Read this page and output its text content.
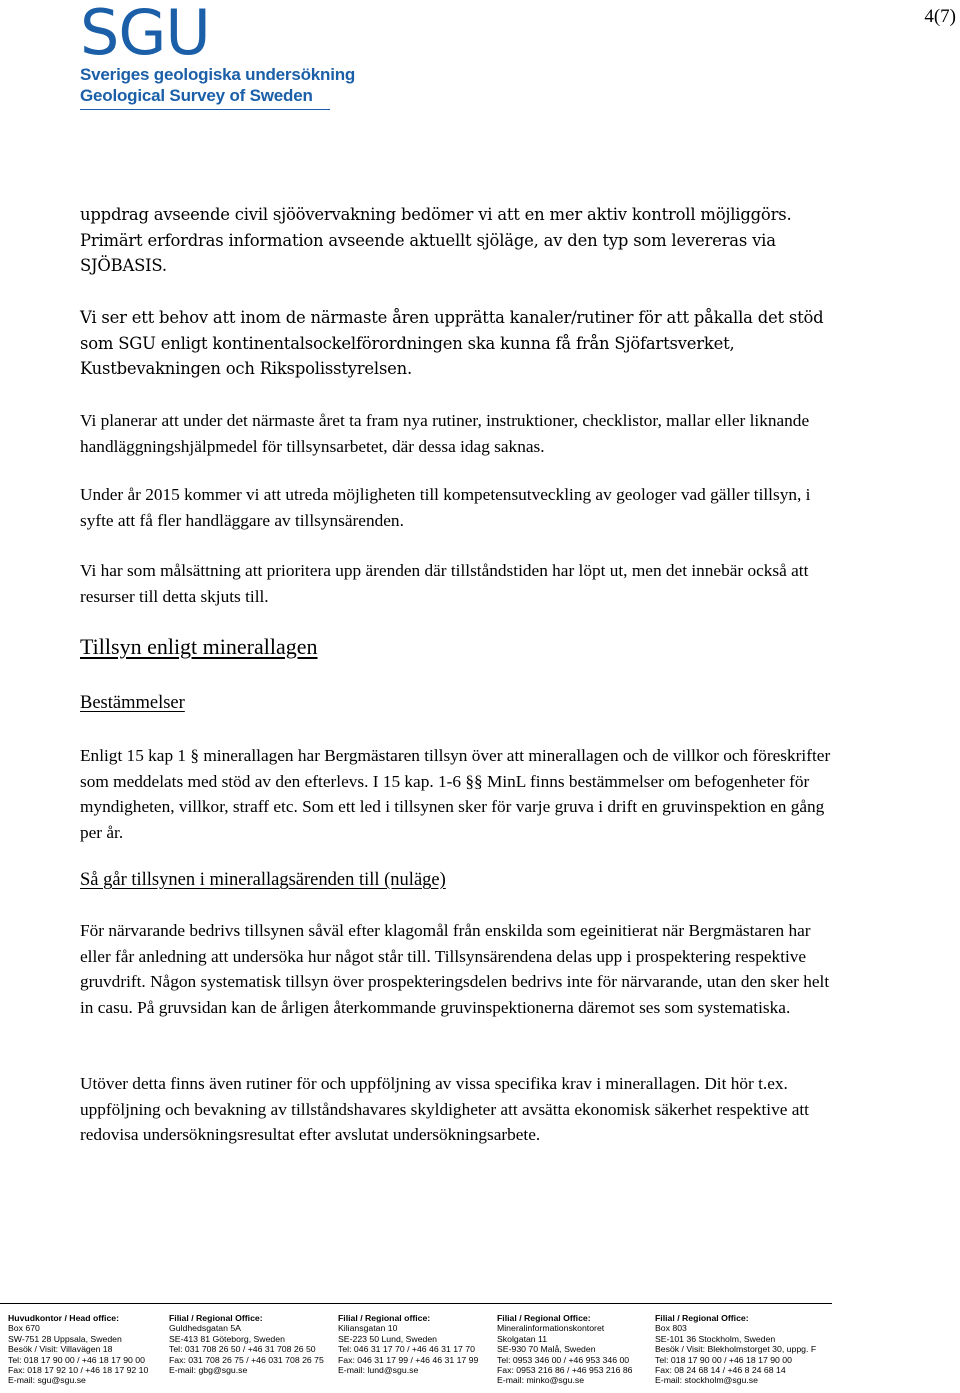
SGU
Sveriges geologiska undersökning
Geological Survey of Sweden
4(7)

uppdrag avseende civil sjöövervakning bedömer vi att en mer aktiv kontroll möjliggörs. Primärt erfordras information avseende aktuellt sjöläge, av den typ som levereras via SJÖBASIS.

Vi ser ett behov att inom de närmaste åren upprätta kanaler/rutiner för att påkalla det stöd som SGU enligt kontinentalsockelförordningen ska kunna få från Sjöfartsverket, Kustbevakningen och Rikspolisstyrelsen.

Vi planerar att under det närmaste året ta fram nya rutiner, instruktioner, checklistor, mallar eller liknande handläggningshjälpmedel för tillsynsarbetet, där dessa idag saknas.

Under år 2015 kommer vi att utreda möjligheten till kompetensutveckling av geologer vad gäller tillsyn, i syfte att få fler handläggare av tillsynsärenden.

Vi har som målsättning att prioritera upp ärenden där tillståndstiden har löpt ut, men det innebär också att resurser till detta skjuts till.

Tillsyn enligt minerallagen
Bestämmelser

Enligt 15 kap 1 § minerallagen har Bergmästaren tillsyn över att minerallagen och de villkor och föreskrifter som meddelats med stöd av den efterlevs. I 15 kap. 1-6 §§ MinL finns bestämmelser om befogenheter för myndigheten, villkor, straff etc. Som ett led i tillsynen sker för varje gruva i drift en gruvinspektion en gång per år.

Så går tillsynen i minerallagsärenden till (nuläge)

För närvarande bedrivs tillsynen såväl efter klagomål från enskilda som egeinitierat när Bergmästaren har eller får anledning att undersöka hur något står till. Tillsynsärendena delas upp i prospektering respektive gruvdrift. Någon systematisk tillsyn över prospekteringsdelen bedrivs inte för närvarande, utan den sker helt in casu. På gruvsidan kan de årligen återkommande gruvinspektionerna däremot ses som systematiska.

Utöver detta finns även rutiner för och uppföljning av vissa specifika krav i minerallagen. Dit hör t.ex. uppföljning och bevakning av tillståndshavares skyldigheter att avsätta ekonomisk säkerhet respektive att redovisa undersökningsresultat efter avslutat undersökningsarbete.

Huvudkontor / Head office:
Box 670
SW-751 28 Uppsala, Sweden
Besök / Visit: Villavägen 18
Tel: 018 17 90 00 / +46 18 17 90 00
Fax: 018 17 92 10 / +46 18 17 92 10
E-mail: sgu@sgu.se
Filial / Regional Office:
Guldhedsgatan 5A
SE-413 81 Göteborg, Sweden
Tel: 031 708 26 50 / +46 31 708 26 50
Fax: 031 708 26 75 / +46 031 708 26 75
E-mail: gbg@sgu.se
Filial / Regional office:
Kiliansgatan 10
SE-223 50 Lund, Sweden
Tel: 046 31 17 70 / +46 46 31 17 70
Fax: 046 31 17 99 / +46 46 31 17 99
E-mail: lund@sgu.se
Filial / Regional Office:
Mineralinformationskontoret
Skolgatan 11
SE-930 70 Malå, Sweden
Tel: 0953 346 00 / +46 953 346 00
Fax: 0953 216 86 / +46 953 216 86
E-mail: minko@sgu.se
Filial / Regional Office:
Box 803
SE-101 36 Stockholm, Sweden
Besök / Visit: Blekholmstorget 30, uppg. F
Tel: 018 17 90 00 / +46 18 17 90 00
Fax: 08 24 68 14 / +46 8 24 68 14
E-mail: stockholm@sgu.se
